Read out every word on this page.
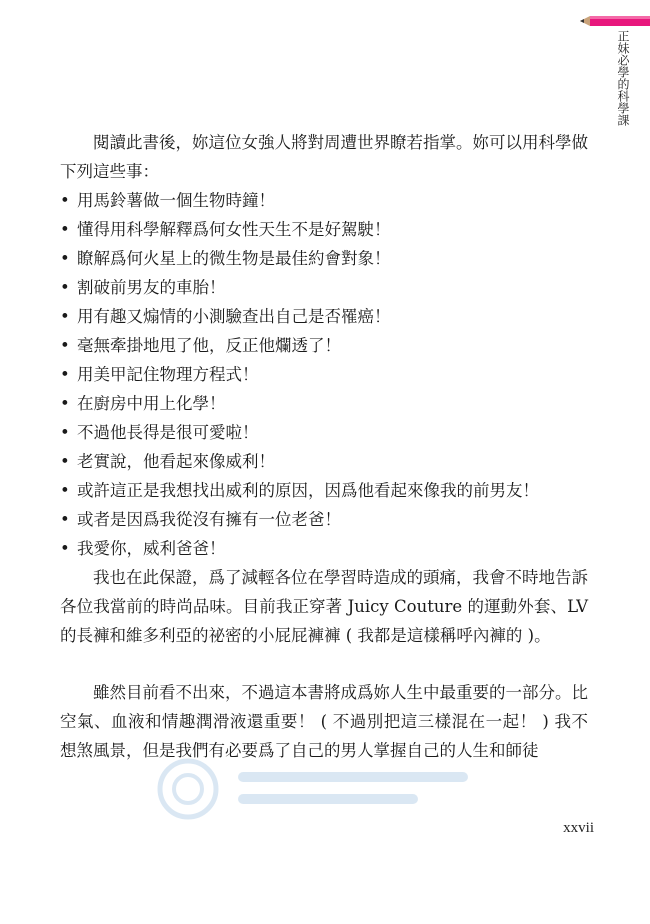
正妹必學的科學課

閱讀此書後，妳這位女強人將對周遭世界瞭若指掌。妳可以用科學做下列這些事：

• 用馬鈴薯做一個生物時鐘！
• 懂得用科學解釋爲何女性天生不是好駕駛！
• 瞭解爲何火星上的微生物是最佳約會對象！
• 割破前男友的車胎！
• 用有趣又煽情的小測驗查出自己是否罹癌！
• 毫無牽掛地甩了他，反正他爛透了！
• 用美甲記住物理方程式！
• 在廚房中用上化學！
• 不過他長得是很可愛啦！
• 老實說，他看起來像威利！
• 或許這正是我想找出威利的原因，因爲他看起來像我的前男友！
• 或者是因爲我從沒有擁有一位老爸！
• 我愛你，威利爸爸！

我也在此保證，爲了減輕各位在學習時造成的頭痛，我會不時地告訴各位我當前的時尚品味。目前我正穿著 Juicy Couture 的運動外套、LV 的長褲和維多利亞的祕密的小屁屁褲褲 ( 我都是這樣稱呼內褲的 )。

雖然目前看不出來，不過這本書將成爲妳人生中最重要的一部分。比空氣、血液和情趣潤滑液還重要！ ( 不過別把這三樣混在一起！ ) 我不想煞風景，但是我們有必要爲了自己的男人掌握自己的人生和師徒

xxvii
